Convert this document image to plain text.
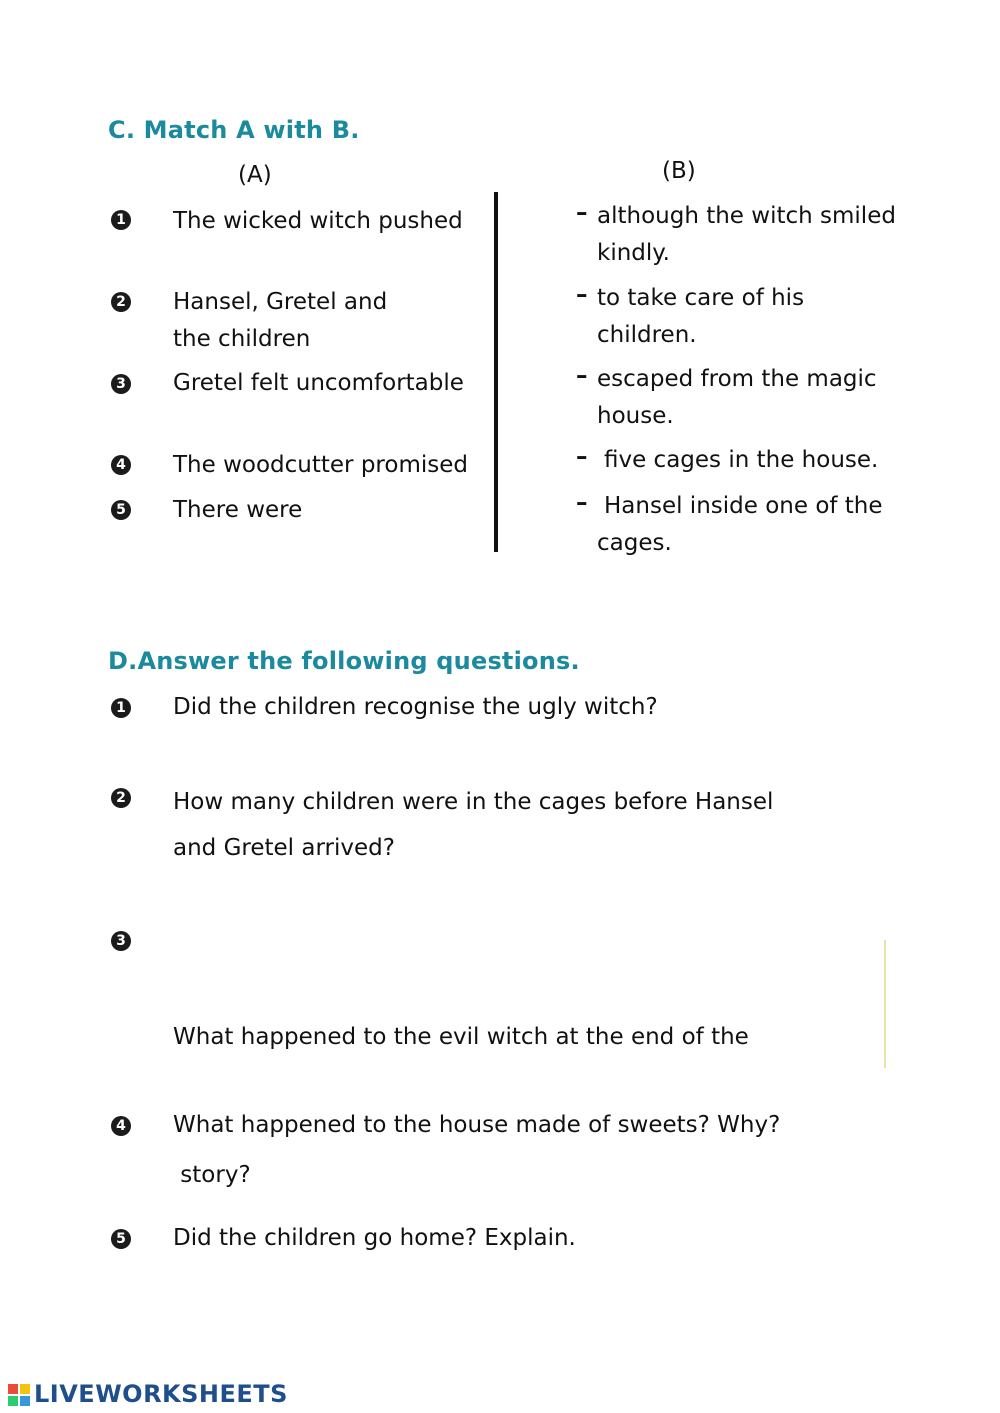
C. Match A with B.
(A)	(B)
1 The wicked witch pushed
2 Hansel, Gretel and
the children
3 Gretel felt uncomfortable
4 The woodcutter promised
5 There were
– although the witch smiled
kindly.
– to take care of his
children.
– escaped from the magic
house.
– five cages in the house.
– Hansel inside one of the
cages.
D.Answer the following questions.
1 Did the children recognise the ugly witch?
2 How many children were in the cages before Hansel
and Gretel arrived?
3

What happened to the evil witch at the end of the

story?

4 What happened to the house made of sweets? Why?
5 Did the children go home? Explain.
LIVEWORKSHEETS
